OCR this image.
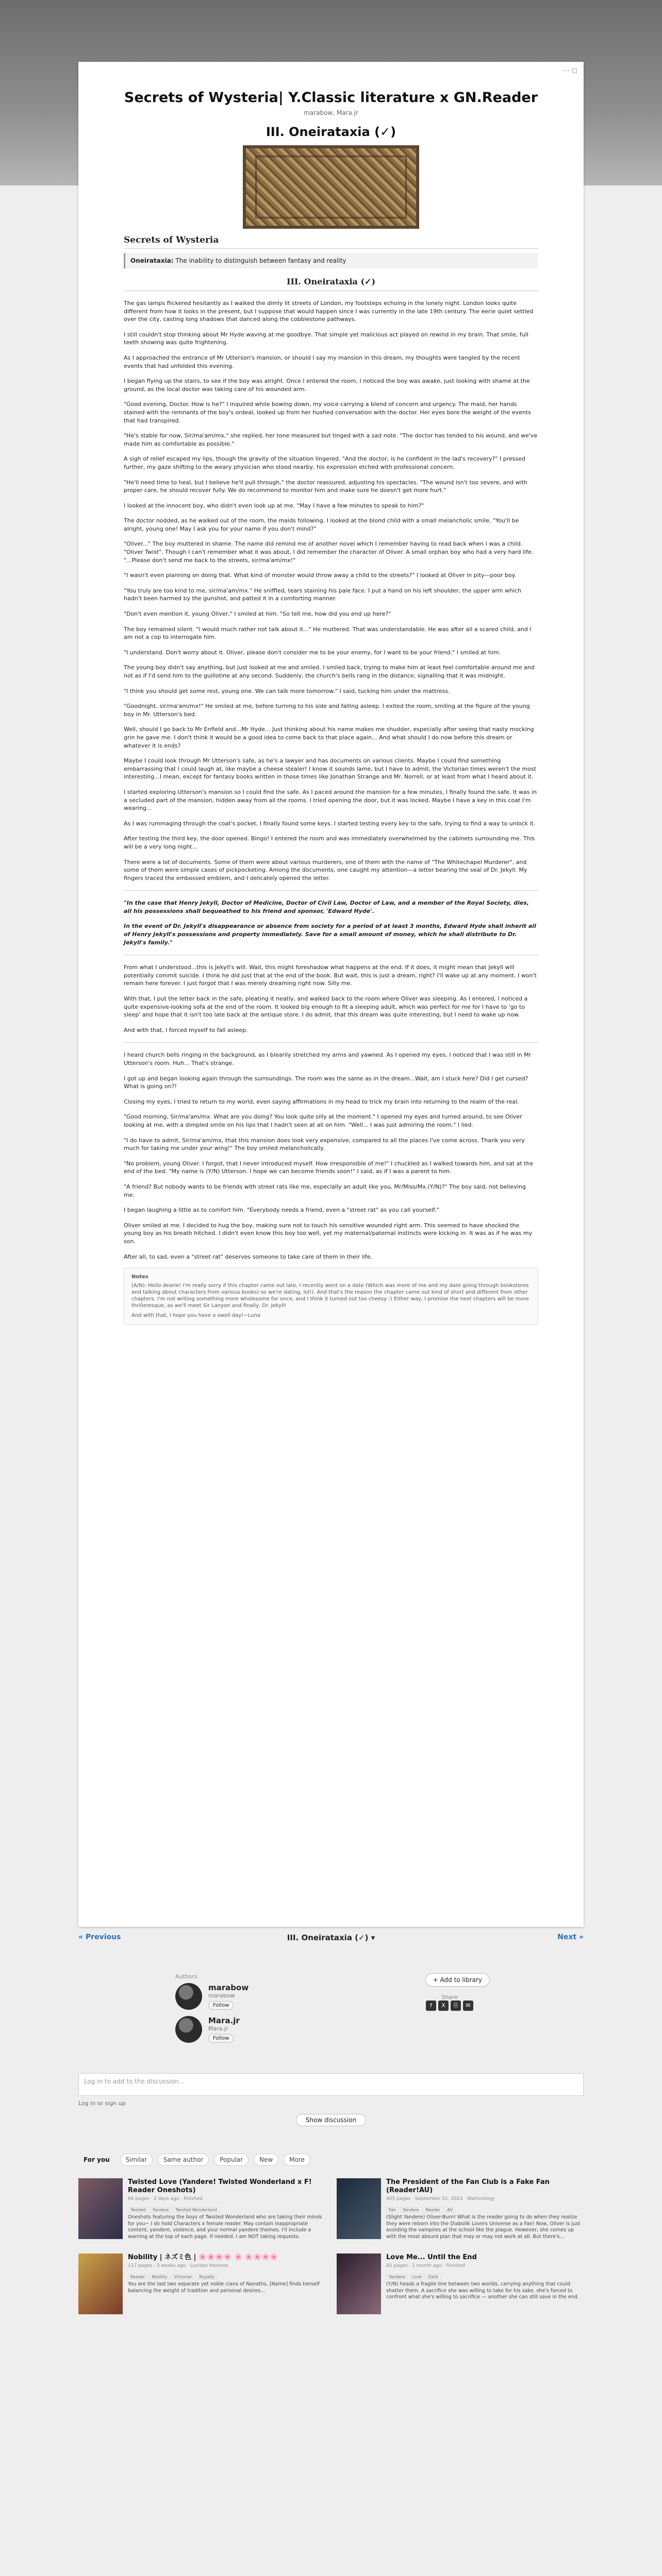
⋯ ◻
Secrets of Wysteria| Y.Classic literature x GN.Reader
marabow, Mara.jr
III. Oneirataxia (✓)
Secrets of Wysteria
Oneirataxia: The inability to distinguish between fantasy and reality
III. Oneirataxia (✓)

The gas lamps flickered hesitantly as I walked the dimly lit streets of London, my footsteps echoing in the lonely night. London looks quite different from how it looks in the present, but I suppose that would happen since I was currently in the late 19th century. The eerie quiet settled over the city, casting long shadows that danced along the cobblestone pathways.

I still couldn't stop thinking about Mr Hyde waving at me goodbye. That simple yet malicious act played on rewind in my brain. That smile, full teeth showing was quite frightening.

As I approached the entrance of Mr Utterson's mansion, or should I say my mansion in this dream, my thoughts were tangled by the recent events that had unfolded this evening.

I began flying up the stairs, to see if the boy was alright. Once I entered the room, I noticed the boy was awake, just looking with shame at the ground, as the local doctor was taking care of his wounded arm.

"Good evening, Doctor. How is he?" I inquired while bowing down, my voice carrying a blend of concern and urgency. The maid, her hands stained with the remnants of the boy's ordeal, looked up from her hushed conversation with the doctor. Her eyes bore the weight of the events that had transpired.

"He's stable for now, Sir/ma'am/mx," she replied, her tone measured but tinged with a sad note. "The doctor has tended to his wound, and we've made him as comfortable as possible."

A sigh of relief escaped my lips, though the gravity of the situation lingered. "And the doctor, is he confident in the lad's recovery?" I pressed further, my gaze shifting to the weary physician who stood nearby, his expression etched with professional concern.

"He'll need time to heal, but I believe he'll pull through," the doctor reassured, adjusting his spectacles. "The wound isn't too severe, and with proper care, he should recover fully. We do recommend to monitor him and make sure he doesn't get more hurt."

I looked at the innocent boy, who didn't even look up at me. "May I have a few minutes to speak to him?"

The doctor nodded, as he walked out of the room, the maids following. I looked at the blond child with a small melancholic smile. "You'll be alright, young one! May I ask you for your name if you don't mind?"

"Oliver..." The boy muttered in shame. The name did remind me of another novel which I remember having to read back when I was a child. "Oliver Twist". Though I can't remember what it was about, I did remember the character of Oliver. A small orphan boy who had a very hard life. "...Please don't send me back to the streets, sir/ma'am/mx!"

"I wasn't even planning on doing that. What kind of monster would throw away a child to the streets?" I looked at Oliver in pity—poor boy.

"You truly are too kind to me, sir/ma'am/mx." He sniffled, tears staining his pale face. I put a hand on his left shoulder, the upper arm which hadn't been harmed by the gunshot, and patted it in a comforting manner.

"Don't even mention it, young Oliver," I smiled at him. "So tell me, how did you end up here?"

The boy remained silent. "I would much rather not talk about it..." He muttered. That was understandable. He was after all a scared child, and I am not a cop to interrogate him.

"I understand. Don't worry about it. Oliver, please don't consider me to be your enemy, for I want to be your friend." I smiled at him.

The young boy didn't say anything, but just looked at me and smiled. I smiled back, trying to make him at least feel comfortable around me and not as if I'd send him to the guillotine at any second. Suddenly, the church's bells rang in the distance, signalling that it was midnight.

"I think you should get some rest, young one. We can talk more tomorrow." I said, tucking him under the mattress.

"Goodnight, sir/ma'am/mx!" He smiled at me, before turning to his side and falling asleep. I exited the room, smiling at the figure of the young boy in Mr. Utterson's bed.

Well, should I go back to Mr Enfield and...Mr Hyde... Just thinking about his name makes me shudder, especially after seeing that nasty mocking grin he gave me. I don't think it would be a good idea to come back to that place again... And what should I do now before this dream or whatever it is ends?

Maybe I could look through Mr Utterson's safe, as he's a lawyer and has documents on various clients. Maybe I could find something embarrassing that I could laugh at, like maybe a cheese stealer! I know it sounds lame, but I have to admit, the Victorian times weren't the most interesting...I mean, except for fantasy books written in those times like Jonathan Strange and Mr. Norrell, or at least from what I heard about it.

I started exploring Utterson's mansion so I could find the safe. As I paced around the mansion for a few minutes, I finally found the safe. It was in a secluded part of the mansion, hidden away from all the rooms. I tried opening the door, but it was locked. Maybe I have a key in this coat I'm wearing...

As I was rummaging through the coat's pocket, I finally found some keys. I started testing every key to the safe, trying to find a way to unlock it.

After testing the third key, the door opened. Bingo! I entered the room and was immediately overwhelmed by the cabinets surrounding me. This will be a very long night...

There were a lot of documents. Some of them were about various murderers, one of them with the name of "The Whitechapel Murderer", and some of them were simple cases of pickpocketing. Among the documents, one caught my attention—a letter bearing the seal of Dr. Jekyll. My fingers traced the embossed emblem, and I delicately opened the letter.

"In the case that Henry Jekyll, Doctor of Medicine, Doctor of Civil Law, Doctor of Law, and a member of the Royal Society, dies, all his possessions shall bequeathed to his friend and sponsor, 'Edward Hyde'.

In the event of Dr. Jekyll's disappearance or absence from society for a period of at least 3 months, Edward Hyde shall inherit all of Henry Jekyll's possessions and property immediately. Save for a small amount of money, which he shall distribute to Dr. Jekyll's family."

From what I understood...this is Jekyll's will. Wait, this might foreshadow what happens at the end. If it does, it might mean that Jekyll will potentially commit suicide. I think he did just that at the end of the book. But wait, this is just a dream, right? I'll wake up at any moment. I won't remain here forever. I just forgot that I was merely dreaming right now. Silly me.

With that, I put the letter back in the safe, pleating it neatly, and walked back to the room where Oliver was sleeping. As I entered, I noticed a quite expensive-looking sofa at the end of the room. It looked big enough to fit a sleeping adult, which was perfect for me for I have to 'go to sleep' and hope that it isn't too late back at the antique store. I do admit, that this dream was quite interesting, but I need to wake up now.

And with that, I forced myself to fall asleep.

I heard church bells ringing in the background, as I blearily stretched my arms and yawned. As I opened my eyes, I noticed that I was still in Mr Utterson's room. Huh... That's strange.

I got up and began looking again through the surroundings. The room was the same as in the dream...Wait, am I stuck here? Did I get cursed? What is going on?!

Closing my eyes, I tried to return to my world, even saying affirmations in my head to trick my brain into returning to the realm of the real.

"Good morning, Sir/ma'am/mx. What are you doing? You look quite silly at the moment." I opened my eyes and turned around, to see Oliver looking at me, with a dimpled smile on his lips that I hadn't seen at all on him. "Well... I was just admiring the room." I lied.

"I do have to admit, Sir/ma'am/mx, that this mansion does look very expensive, compared to all the places I've come across. Thank you very much for taking me under your wing!" The boy smiled melancholically.

"No problem, young Oliver. I forgot, that I never introduced myself. How irresponsible of me!" I chuckled as I walked towards him, and sat at the end of the bed. "My name is (Y/N) Utterson. I hope we can become friends soon!" I said, as if I was a parent to him.

"A friend? But nobody wants to be friends with street rats like me, especially an adult like you, Mr/Miss/Mx.(Y/N)?" The boy said, not believing me.

I began laughing a little as to comfort him. "Everybody needs a friend, even a "street rat" as you call yourself."

Oliver smiled at me. I decided to hug the boy, making sure not to touch his sensitive wounded right arm. This seemed to have shocked the young boy as his breath hitched. I didn't even know this boy too well, yet my maternal/paternal instincts were kicking in. It was as if he was my son.

After all, to sad, even a "street rat" deserves someone to take care of them in their life.

Notes
(A/N): Hello dearie! I'm really sorry if this chapter came out late, I recently went on a date (Which was more of me and my date going through bookstores and talking about characters from various books) so we're dating, lol!). And that's the reason the chapter came out kind of short and different from other chapters. I'm not writing something more wholesome for once, and I think it turned out too cheesy :) Either way, I promise the next chapters will be more thrilleresque, as we'll meet Sir Lanyon and finally, Dr. Jekyll!
And with that, I hope you have a swell day!~Luna
III. Oneirataxia (✓) ▾
« Previous	Next »
Authors
marabow
marabow
Follow
Mara.jr
Mara.jr
Follow
+ Add to library
Share
f X ⎘ ✉
Log in to add to the discussion...
Log in or sign up
Show discussion
For you	Similar	Same author	Popular	New	More
Twisted Love (Yandere! Twisted Wonderland x F! Reader Oneshots)
64 pages · 2 days ago · Finished
Twisted Yandere Twisted Wonderland
Oneshots featuring the boys of Twisted Wonderland who are taking their minds for you~ I do hold Characters x female reader. May contain inappropriate content, yandere, violence, and your normal yandere themes. I'll include a warning at the top of each page. If needed. I am NOT taking requests.
The President of the Fan Club is a Fake Fan (Reader!AU)
405 pages · September 01, 2023 · Wattinology
Fan Yandere Reader AU
(Slight Yandere) Oliver-Burn! What is the reader going to do when they realize they were reborn into the Diabolik Lovers Universe as a Fan! Now, Oliver is just avoiding the vampires at the school like the plague. However, she comes up with the most absurd plan that may or may not work at all. But there's...
Nobility | ネズミ色 | 🌸🌸🌸🌸 🌸 🌸🌸🌸🌸
117 pages · 3 weeks ago · Lucidas Honores
Reader Nobility Victorian Royalty
You are the last two separate yet noble clans of Nanaths, [Name] finds herself balancing the weight of tradition and personal desires...
Love Me... Until the End
42 pages · 1 month ago · Finished
Yandere Love Dark
(Y/N) heads a fragile line between two worlds, carrying anything that could shatter them. A sacrifice she was willing to take for his sake, she's forced to confront what she's willing to sacrifice — another she can still save in the end.
